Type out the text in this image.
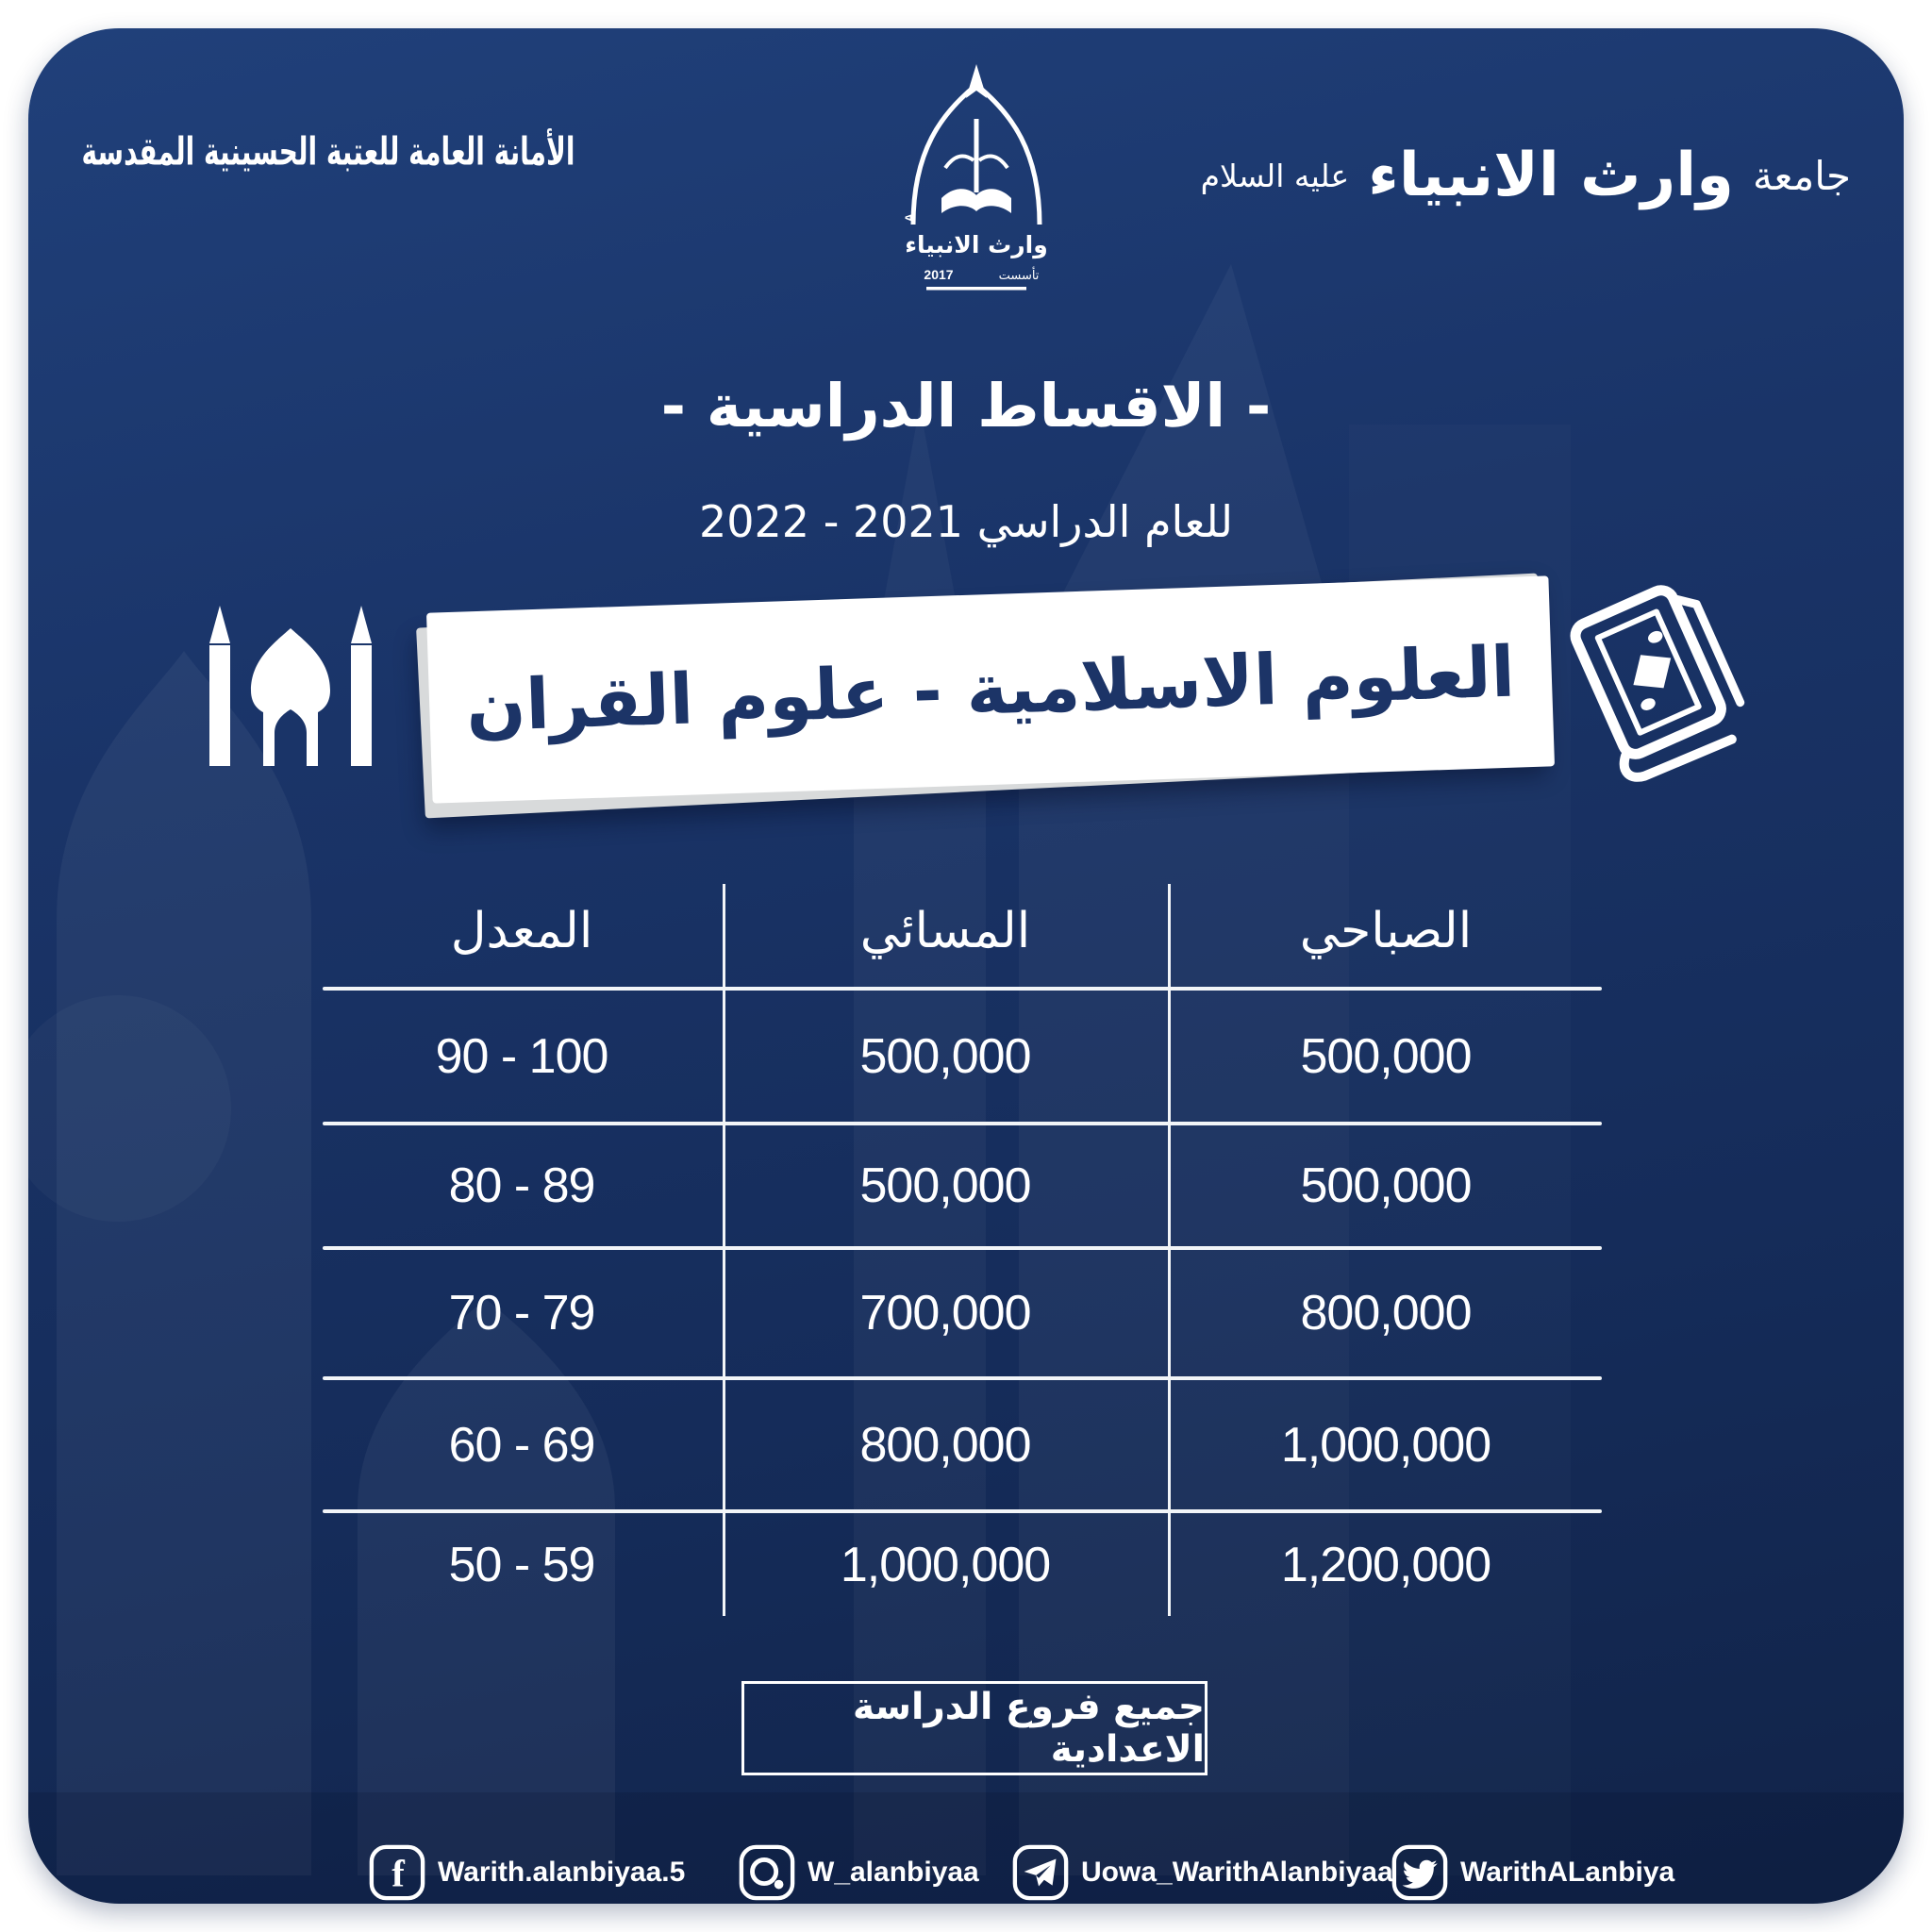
الأمانة العامة للعتبة الحسينية المقدسة
UNIVERSITY OF WARITH AL-ANBIYAA
وارث الانبياء
تأسست
2017
جامعة
وارث الانبياء
عليه السلام
- الاقساط الدراسية -
للعام الدراسي 2021 - 2022
العلوم الاسلامية - علوم القران
الصباحي
المسائي
المعدل
500,000
500,000
90 - 100
500,000
500,000
80 - 89
800,000
700,000
70 - 79
1,000,000
800,000
60 - 69
1,200,000
1,000,000
50 - 59
جميع فروع الدراسة الاعدادية
f Warith.alanbiyaa.5	W_alanbiyaa	Uowa_WarithAlanbiyaa WarithALanbiya
